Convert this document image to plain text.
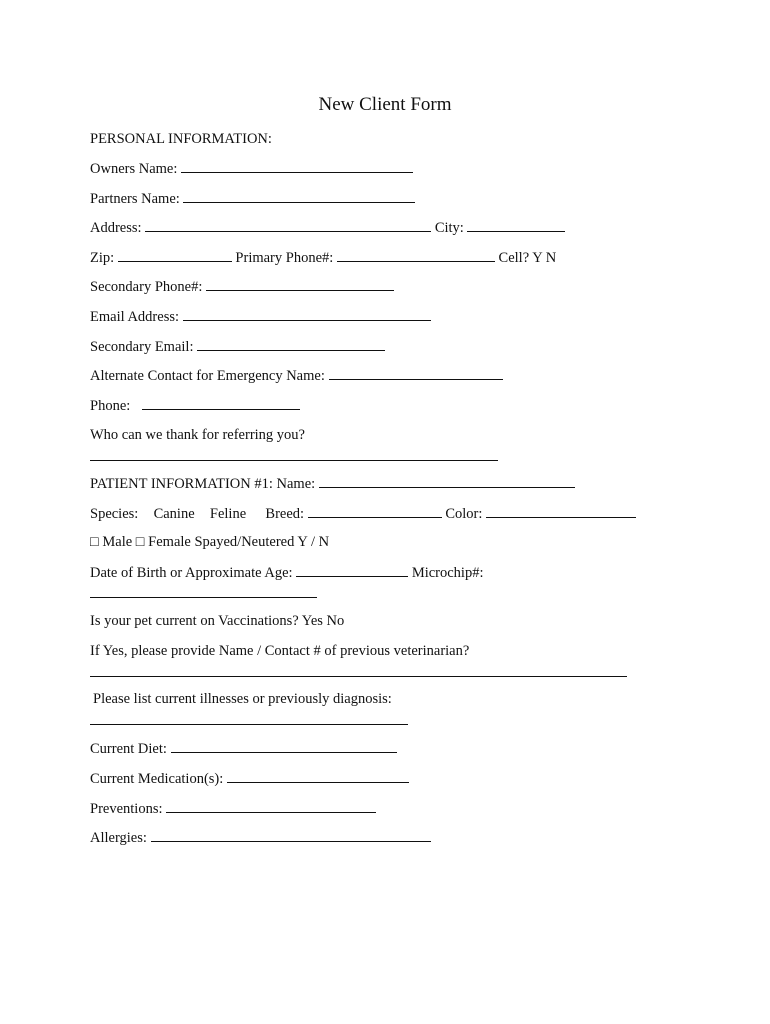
New Client Form
PERSONAL INFORMATION:
Owners Name:
Partners Name:
Address:	City:
Zip:	Primary Phone#:	Cell? Y N
Secondary Phone#:
Email Address:
Secondary Email:
Alternate Contact for Emergency Name:
Phone:
Who can we thank for referring you?
PATIENT INFORMATION #1: Name:
Species: Canine Feline Breed:	Color:
□ Male □ Female Spayed/Neutered Y / N
Date of Birth or Approximate Age:	Microchip#:
Is your pet current on Vaccinations? Yes No
If Yes, please provide Name / Contact # of previous veterinarian?
Please list current illnesses or previously diagnosis:
Current Diet:
Current Medication(s):
Preventions:
Allergies:
